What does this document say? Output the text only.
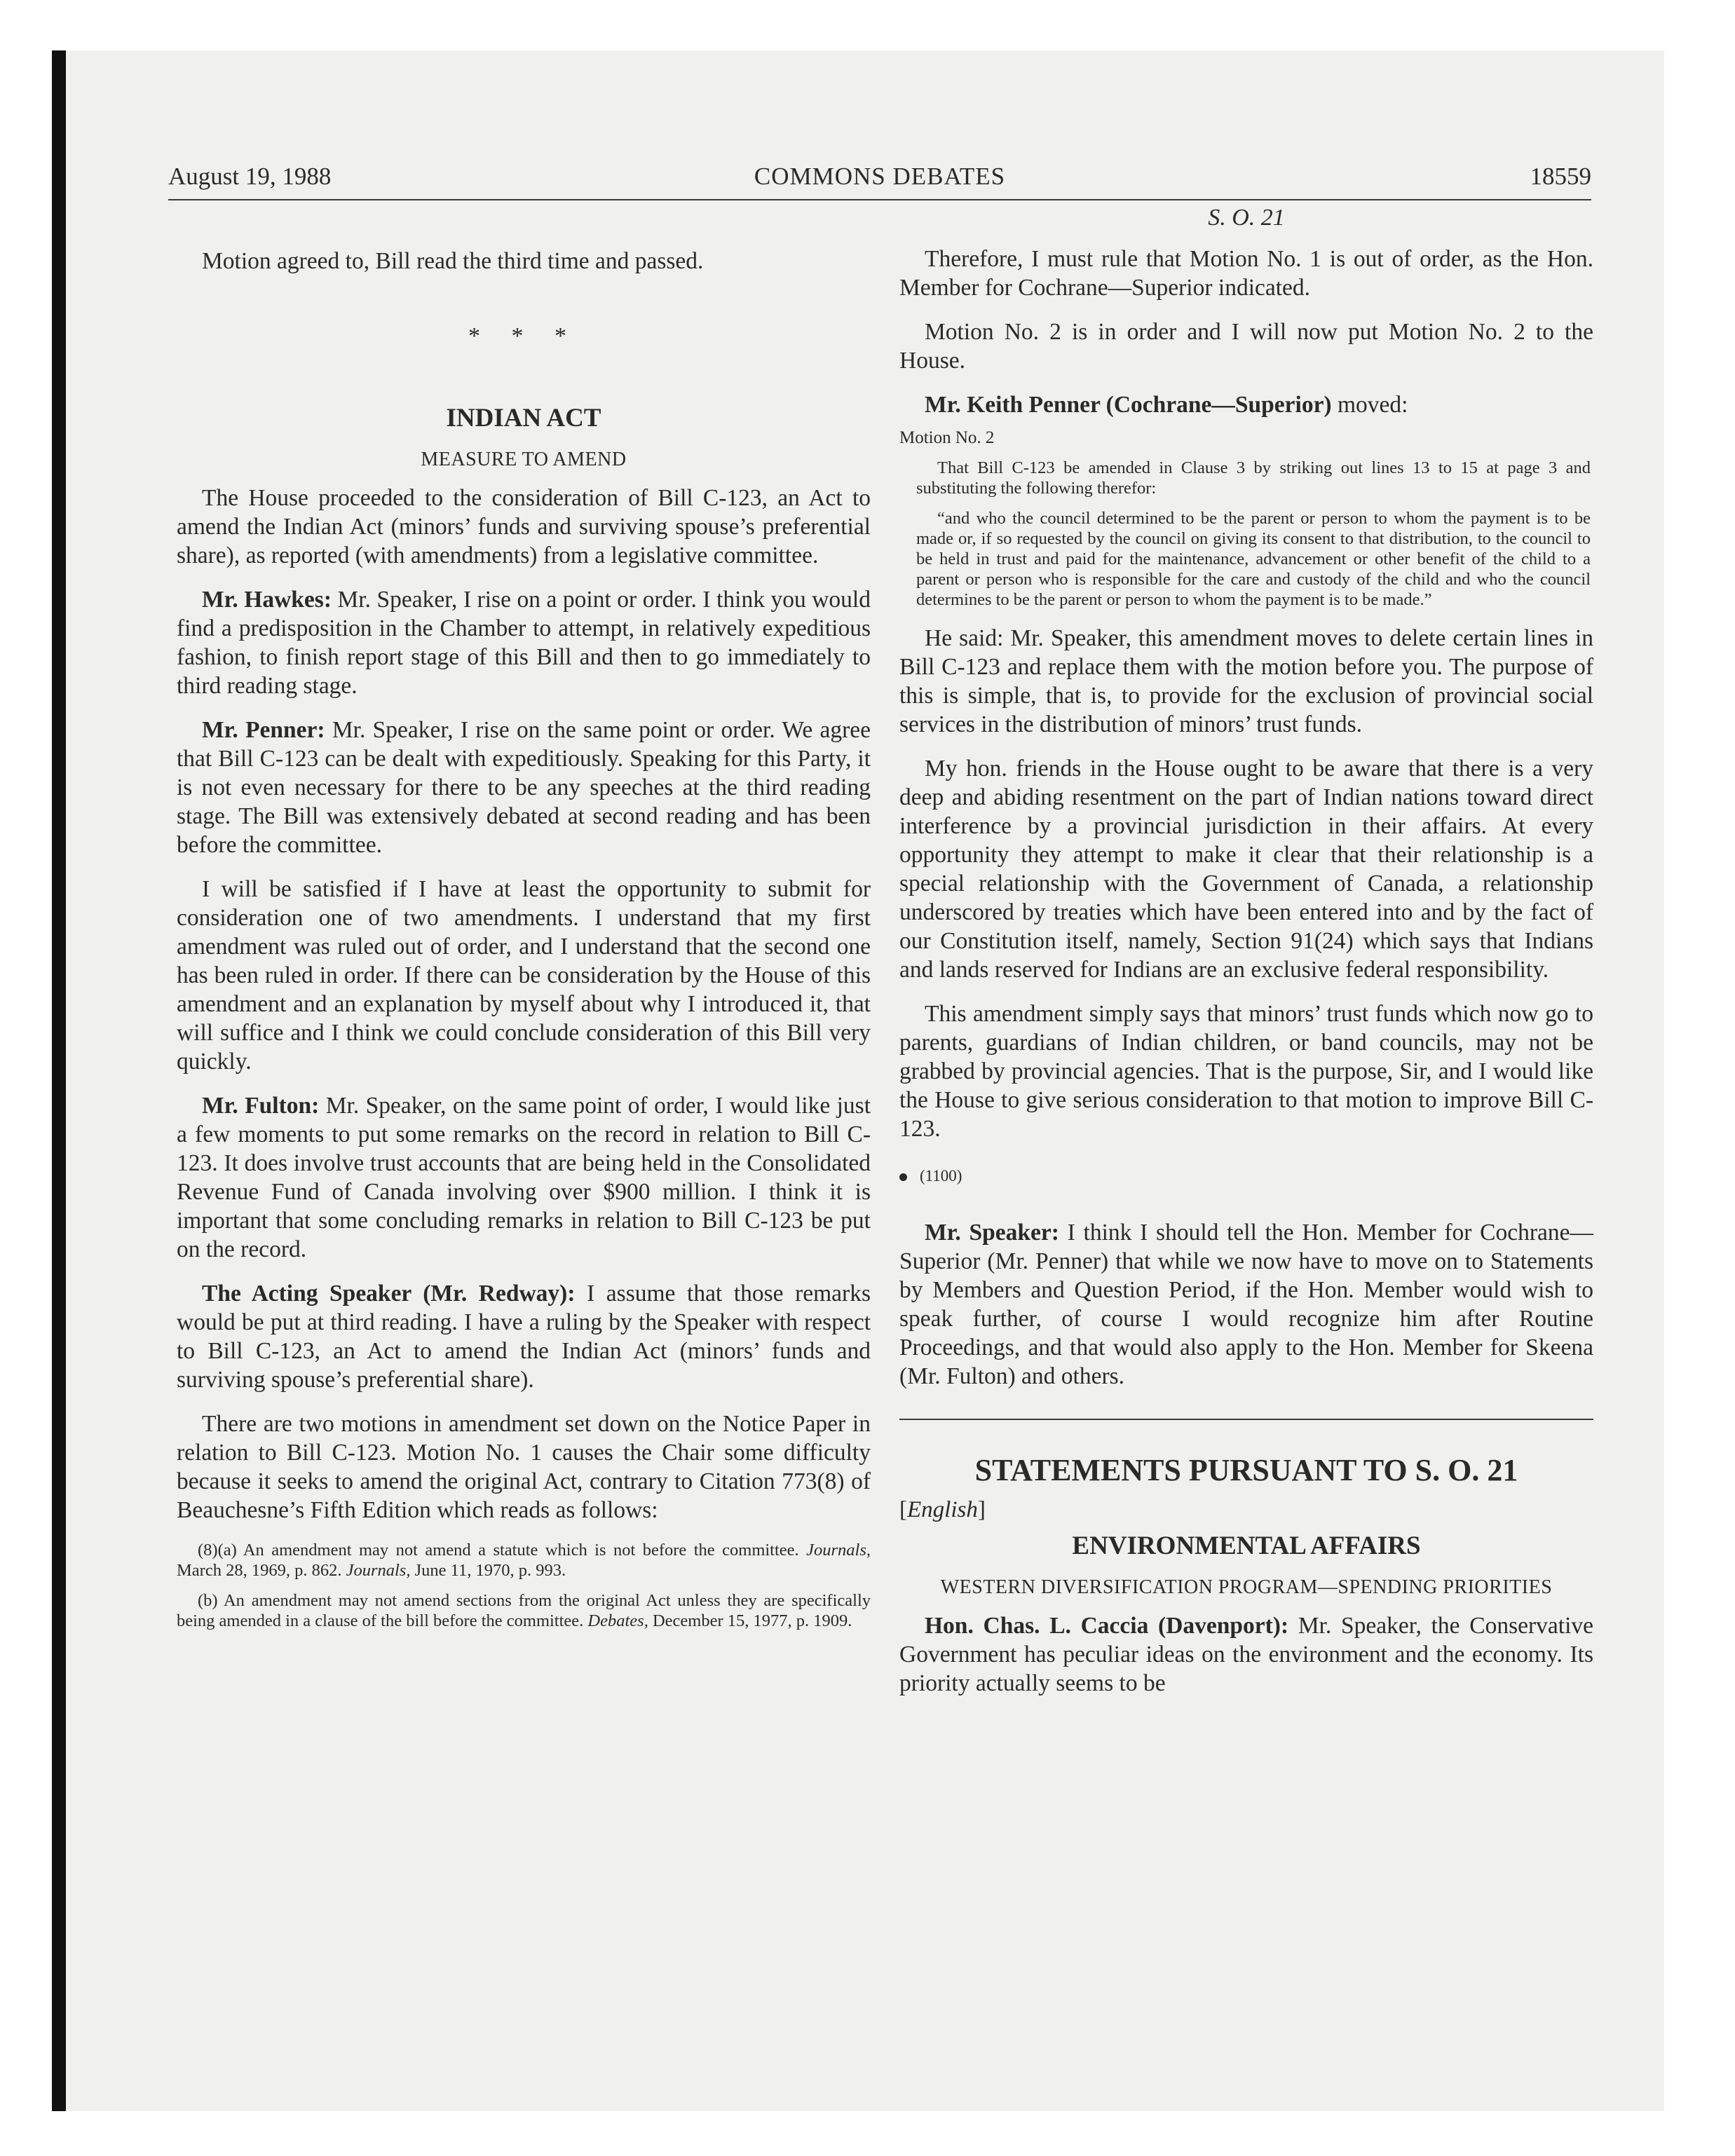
August 19, 1988	COMMONS DEBATES	18559

Motion agreed to, Bill read the third time and passed.

* * *
INDIAN ACT
MEASURE TO AMEND

The House proceeded to the consideration of Bill C-123, an Act to amend the Indian Act (minors’ funds and surviving spouse’s preferential share), as reported (with amendments) from a legislative committee.

Mr. Hawkes: Mr. Speaker, I rise on a point or order. I think you would find a predisposition in the Chamber to attempt, in relatively expeditious fashion, to finish report stage of this Bill and then to go immediately to third reading stage.

Mr. Penner: Mr. Speaker, I rise on the same point or order. We agree that Bill C-123 can be dealt with expeditiously. Speaking for this Party, it is not even necessary for there to be any speeches at the third reading stage. The Bill was extensively debated at second reading and has been before the committee.

I will be satisfied if I have at least the opportunity to submit for consideration one of two amendments. I understand that my first amendment was ruled out of order, and I understand that the second one has been ruled in order. If there can be consideration by the House of this amendment and an explanation by myself about why I introduced it, that will suffice and I think we could conclude consideration of this Bill very quickly.

Mr. Fulton: Mr. Speaker, on the same point of order, I would like just a few moments to put some remarks on the record in relation to Bill C-123. It does involve trust accounts that are being held in the Consolidated Revenue Fund of Canada involving over $900 million. I think it is important that some concluding remarks in relation to Bill C-123 be put on the record.

The Acting Speaker (Mr. Redway): I assume that those remarks would be put at third reading. I have a ruling by the Speaker with respect to Bill C-123, an Act to amend the Indian Act (minors’ funds and surviving spouse’s preferential share).

There are two motions in amendment set down on the Notice Paper in relation to Bill C-123. Motion No. 1 causes the Chair some difficulty because it seeks to amend the original Act, contrary to Citation 773(8) of Beauchesne’s Fifth Edition which reads as follows:

(8)(a) An amendment may not amend a statute which is not before the committee. Journals, March 28, 1969, p. 862. Journals, June 11, 1970, p. 993.

(b) An amendment may not amend sections from the original Act unless they are specifically being amended in a clause of the bill before the committee. Debates, December 15, 1977, p. 1909.

S. O. 21

Therefore, I must rule that Motion No. 1 is out of order, as the Hon. Member for Cochrane—Superior indicated.

Motion No. 2 is in order and I will now put Motion No. 2 to the House.

Mr. Keith Penner (Cochrane—Superior) moved:

Motion No. 2

That Bill C-123 be amended in Clause 3 by striking out lines 13 to 15 at page 3 and substituting the following therefor:

“and who the council determined to be the parent or person to whom the payment is to be made or, if so requested by the council on giving its consent to that distribution, to the council to be held in trust and paid for the maintenance, advancement or other benefit of the child to a parent or person who is responsible for the care and custody of the child and who the council determines to be the parent or person to whom the payment is to be made.”

He said: Mr. Speaker, this amendment moves to delete certain lines in Bill C-123 and replace them with the motion before you. The purpose of this is simple, that is, to provide for the exclusion of provincial social services in the distribution of minors’ trust funds.

My hon. friends in the House ought to be aware that there is a very deep and abiding resentment on the part of Indian nations toward direct interference by a provincial jurisdiction in their affairs. At every opportunity they attempt to make it clear that their relationship is a special relationship with the Government of Canada, a relationship underscored by treaties which have been entered into and by the fact of our Constitution itself, namely, Section 91(24) which says that Indians and lands reserved for Indians are an exclusive federal responsibility.

This amendment simply says that minors’ trust funds which now go to parents, guardians of Indian children, or band councils, may not be grabbed by provincial agencies. That is the purpose, Sir, and I would like the House to give serious consideration to that motion to improve Bill C-123.

(1100)

Mr. Speaker: I think I should tell the Hon. Member for Cochrane—Superior (Mr. Penner) that while we now have to move on to Statements by Members and Question Period, if the Hon. Member would wish to speak further, of course I would recognize him after Routine Proceedings, and that would also apply to the Hon. Member for Skeena (Mr. Fulton) and others.

STATEMENTS PURSUANT TO S. O. 21
[English]
ENVIRONMENTAL AFFAIRS
WESTERN DIVERSIFICATION PROGRAM—SPENDING PRIORITIES

Hon. Chas. L. Caccia (Davenport): Mr. Speaker, the Conservative Government has peculiar ideas on the environment and the economy. Its priority actually seems to be
